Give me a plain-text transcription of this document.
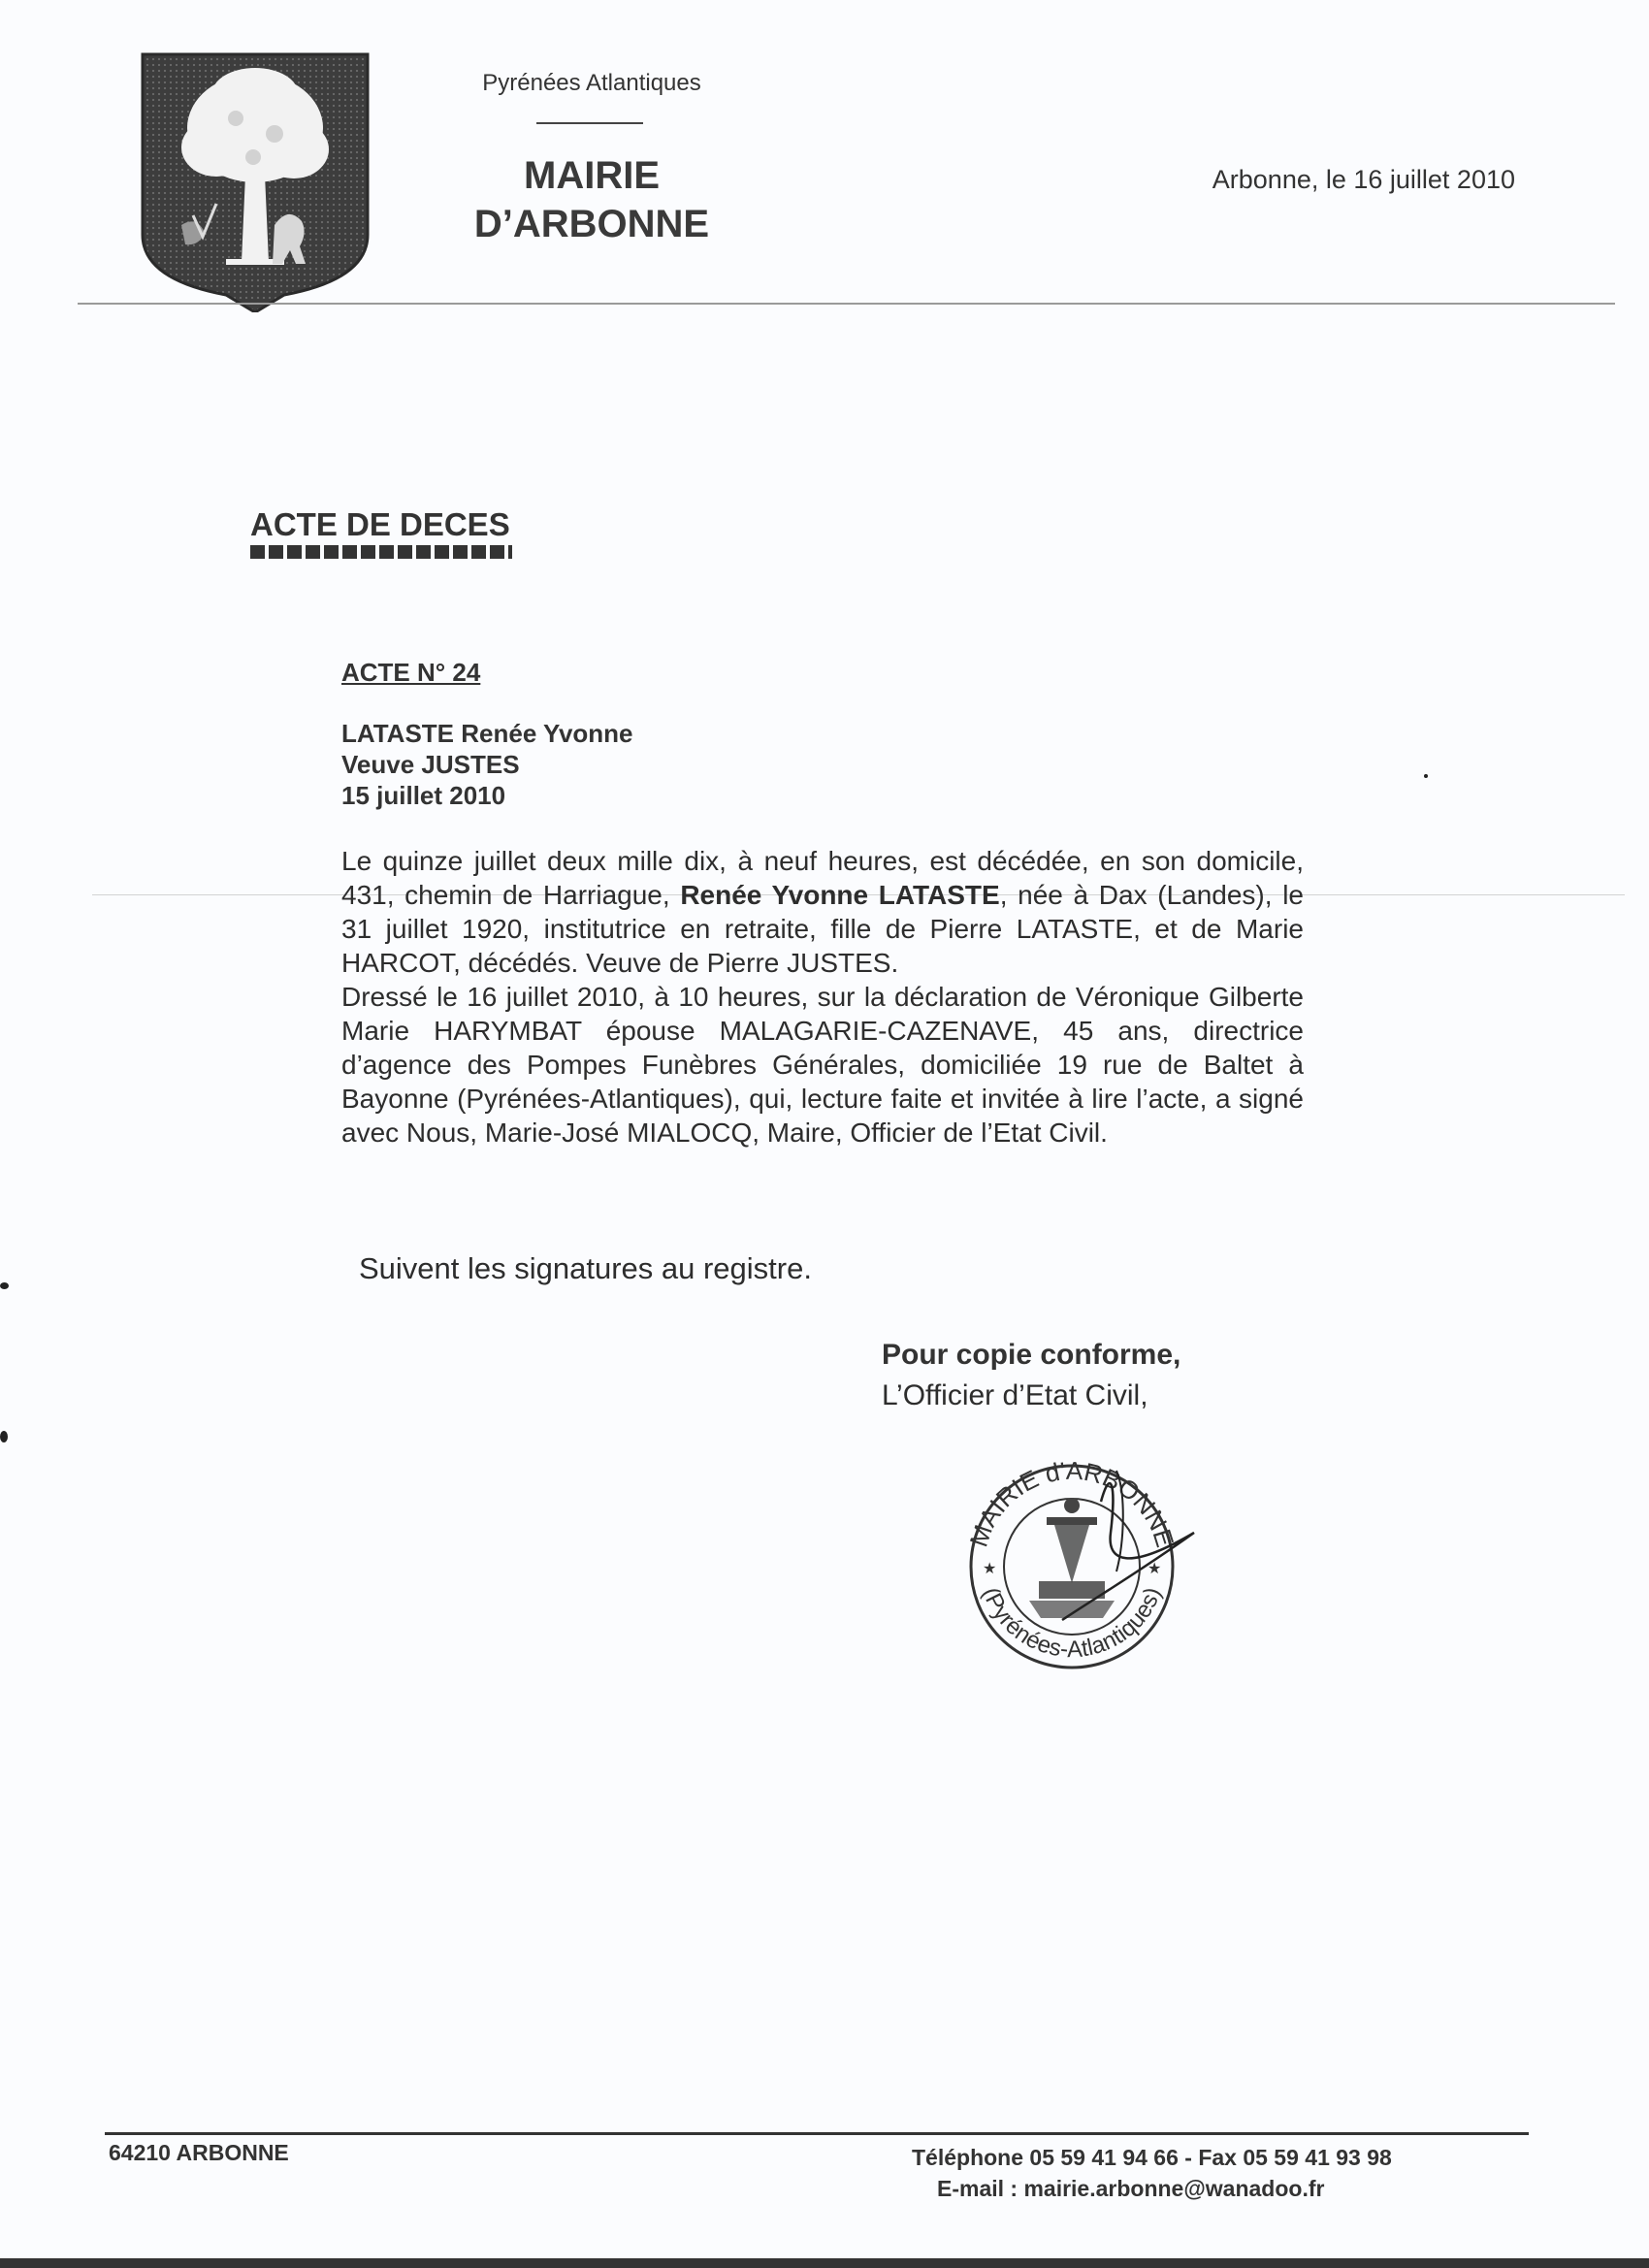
Pyrénées Atlantiques
MAIRIE
D’ARBONNE
Arbonne, le 16 juillet 2010
ACTE DE DECES
ACTE N° 24
LATASTE Renée Yvonne
Veuve JUSTES
15 juillet 2010
Le quinze juillet deux mille dix, à neuf heures, est décédée, en son domicile, 431, chemin de Harriague, Renée Yvonne LATASTE, née à Dax (Landes), le 31 juillet 1920, institutrice en retraite, fille de Pierre LATASTE, et de Marie HARCOT, décédés. Veuve de Pierre JUSTES.
Dressé le 16 juillet 2010, à 10 heures, sur la déclaration de Véronique Gilberte Marie HARYMBAT épouse MALAGARIE-CAZENAVE, 45 ans, directrice d’agence des Pompes Funèbres Générales, domiciliée 19 rue de Baltet à Bayonne (Pyrénées-Atlantiques), qui, lecture faite et invitée à lire l’acte, a signé avec Nous, Marie-José MIALOCQ, Maire, Officier de l’Etat Civil.
Suivent les signatures au registre.
Pour copie conforme,
L’Officier d’Etat Civil,
MAIRIE d'ARBONNE
(Pyrénées-Atlantiques)
★	★
64210 ARBONNE	Téléphone 05 59 41 94 66 - Fax 05 59 41 93 98
E-mail : mairie.arbonne@wanadoo.fr
